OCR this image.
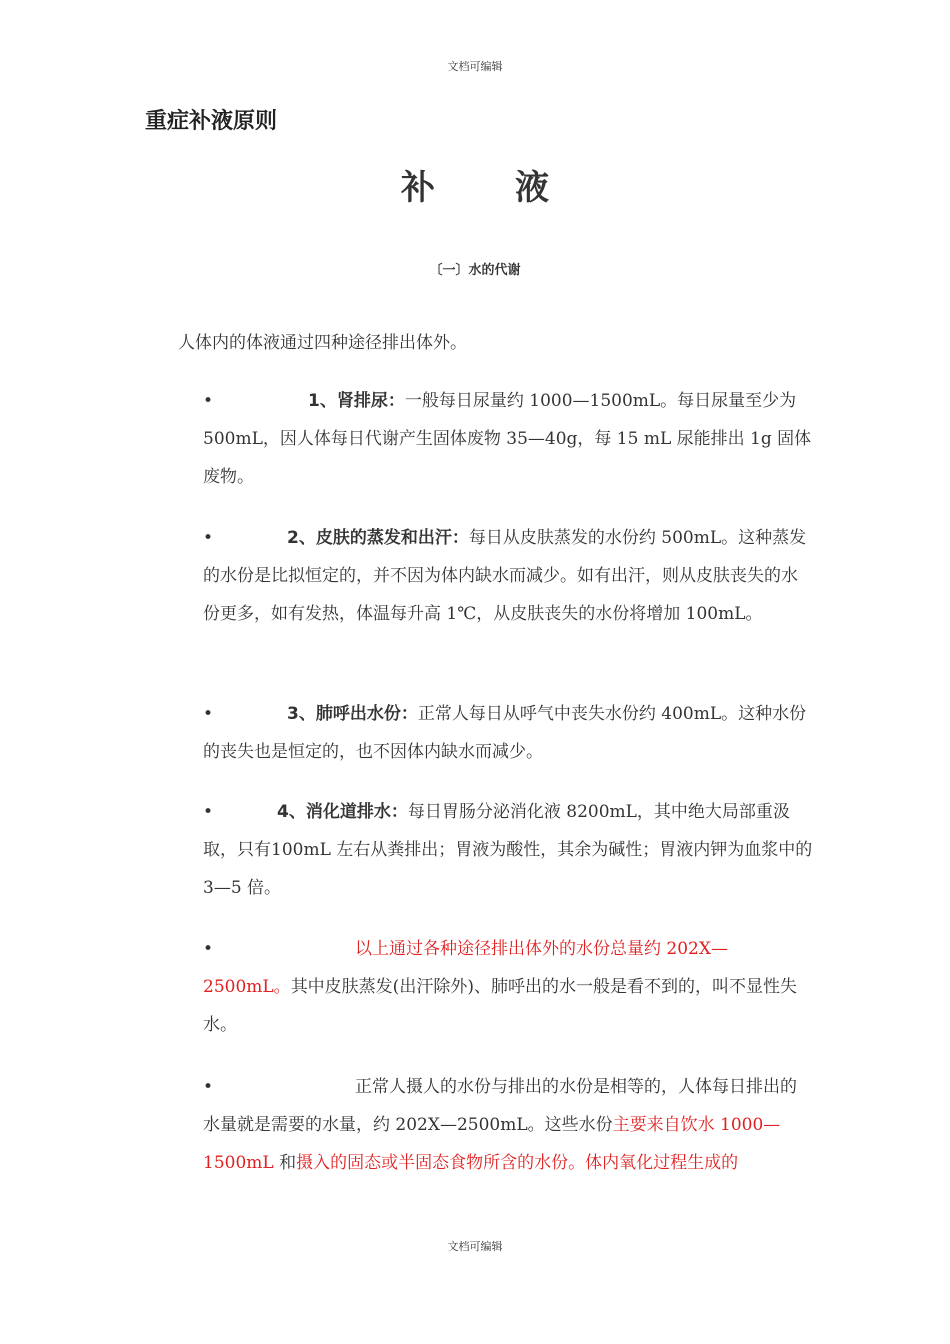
文档可编辑
重症补液原则
补 液
〔一〕水的代谢
人体内的体液通过四种途径排出体外。
•	1、肾排尿：一般每日尿量约 1000—1500mL。每日尿量至少为 500mL，因人体每日代谢产生固体废物 35—40g，每 15 mL 尿能排出 1g 固体废物。
•	2、皮肤的蒸发和出汗：每日从皮肤蒸发的水份约 500mL。这种蒸发的水份是比拟恒定的，并不因为体内缺水而减少。如有出汗，则从皮肤丧失的水份更多，如有发热，体温每升高 1℃，从皮肤丧失的水份将增加 100mL。
•	3、肺呼出水份：正常人每日从呼气中丧失水份约 400mL。这种水份的丧失也是恒定的，也不因体内缺水而减少。
•	4、消化道排水：每日胃肠分泌消化液 8200mL，其中绝大局部重汲取，只有100mL 左右从粪排出；胃液为酸性，其余为碱性；胃液内钾为血浆中的 3—5 倍。
•	以上通过各种途径排出体外的水份总量约 202X—2500mL。其中皮肤蒸发(出汗除外)、肺呼出的水一般是看不到的，叫不显性失水。
•	正常人摄人的水份与排出的水份是相等的，人体每日排出的水量就是需要的水量，约 202X—2500mL。这些水份主要来自饮水 1000—1500mL 和摄入的固态或半固态食物所含的水份。体内氧化过程生成的
文档可编辑
